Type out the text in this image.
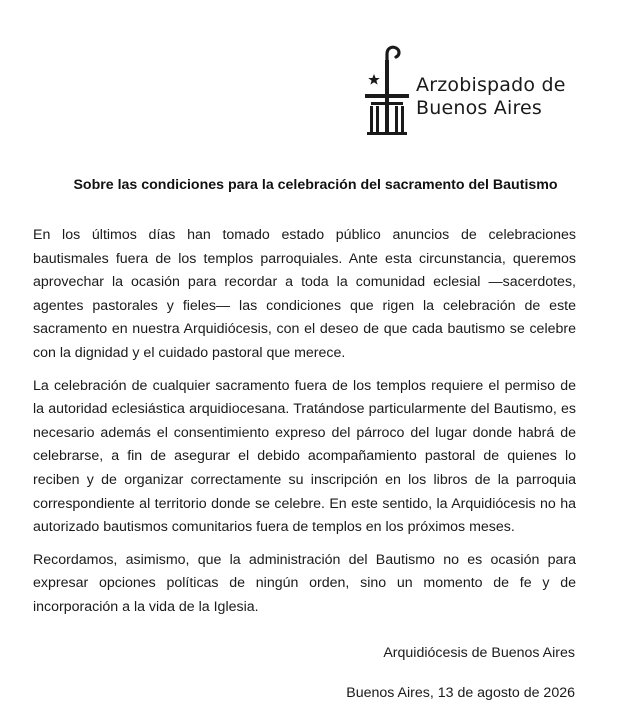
Arzobispado de
Buenos Aires
Sobre las condiciones para la celebración del sacramento del Bautismo

En los últimos días han tomado estado público anuncios de celebraciones bautismales fuera de los templos parroquiales. Ante esta circunstancia, queremos aprovechar la ocasión para recordar a toda la comunidad eclesial —sacerdotes, agentes pastorales y fieles— las condiciones que rigen la celebración de este sacramento en nuestra Arquidiócesis, con el deseo de que cada bautismo se celebre con la dignidad y el cuidado pastoral que merece.

La celebración de cualquier sacramento fuera de los templos requiere el permiso de la autoridad eclesiástica arquidiocesana. Tratándose particularmente del Bautismo, es necesario además el consentimiento expreso del párroco del lugar donde habrá de celebrarse, a fin de asegurar el debido acompañamiento pastoral de quienes lo reciben y de organizar correctamente su inscripción en los libros de la parroquia correspondiente al territorio donde se celebre. En este sentido, la Arquidiócesis no ha autorizado bautismos comunitarios fuera de templos en los próximos meses.

Recordamos, asimismo, que la administración del Bautismo no es ocasión para expresar opciones políticas de ningún orden, sino un momento de fe y de incorporación a la vida de la Iglesia.

Arquidiócesis de Buenos Aires
Buenos Aires, 13 de agosto de 2026
